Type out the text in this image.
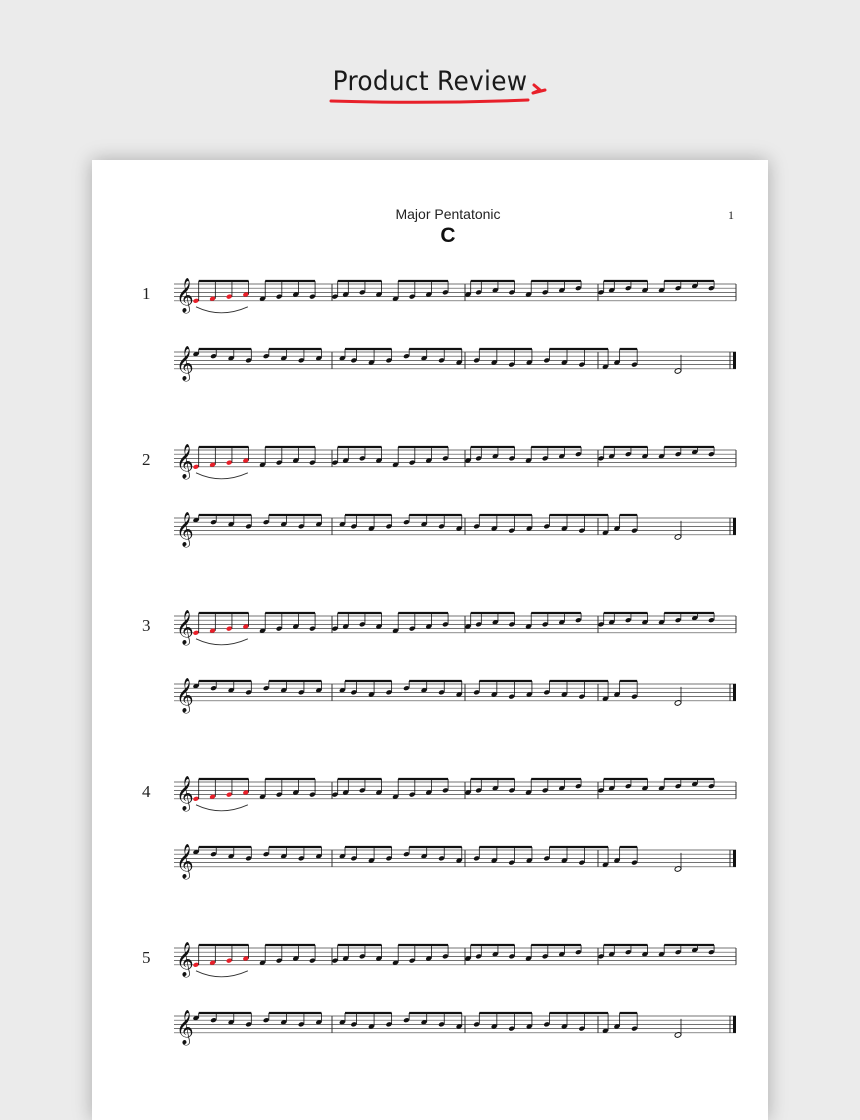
Product Review
Major Pentatonic
C
1
1
2
3
4
5
𝄞
𝄞
𝄞
𝄞
𝄞
𝄞
𝄞
𝄞
𝄞
𝄞
